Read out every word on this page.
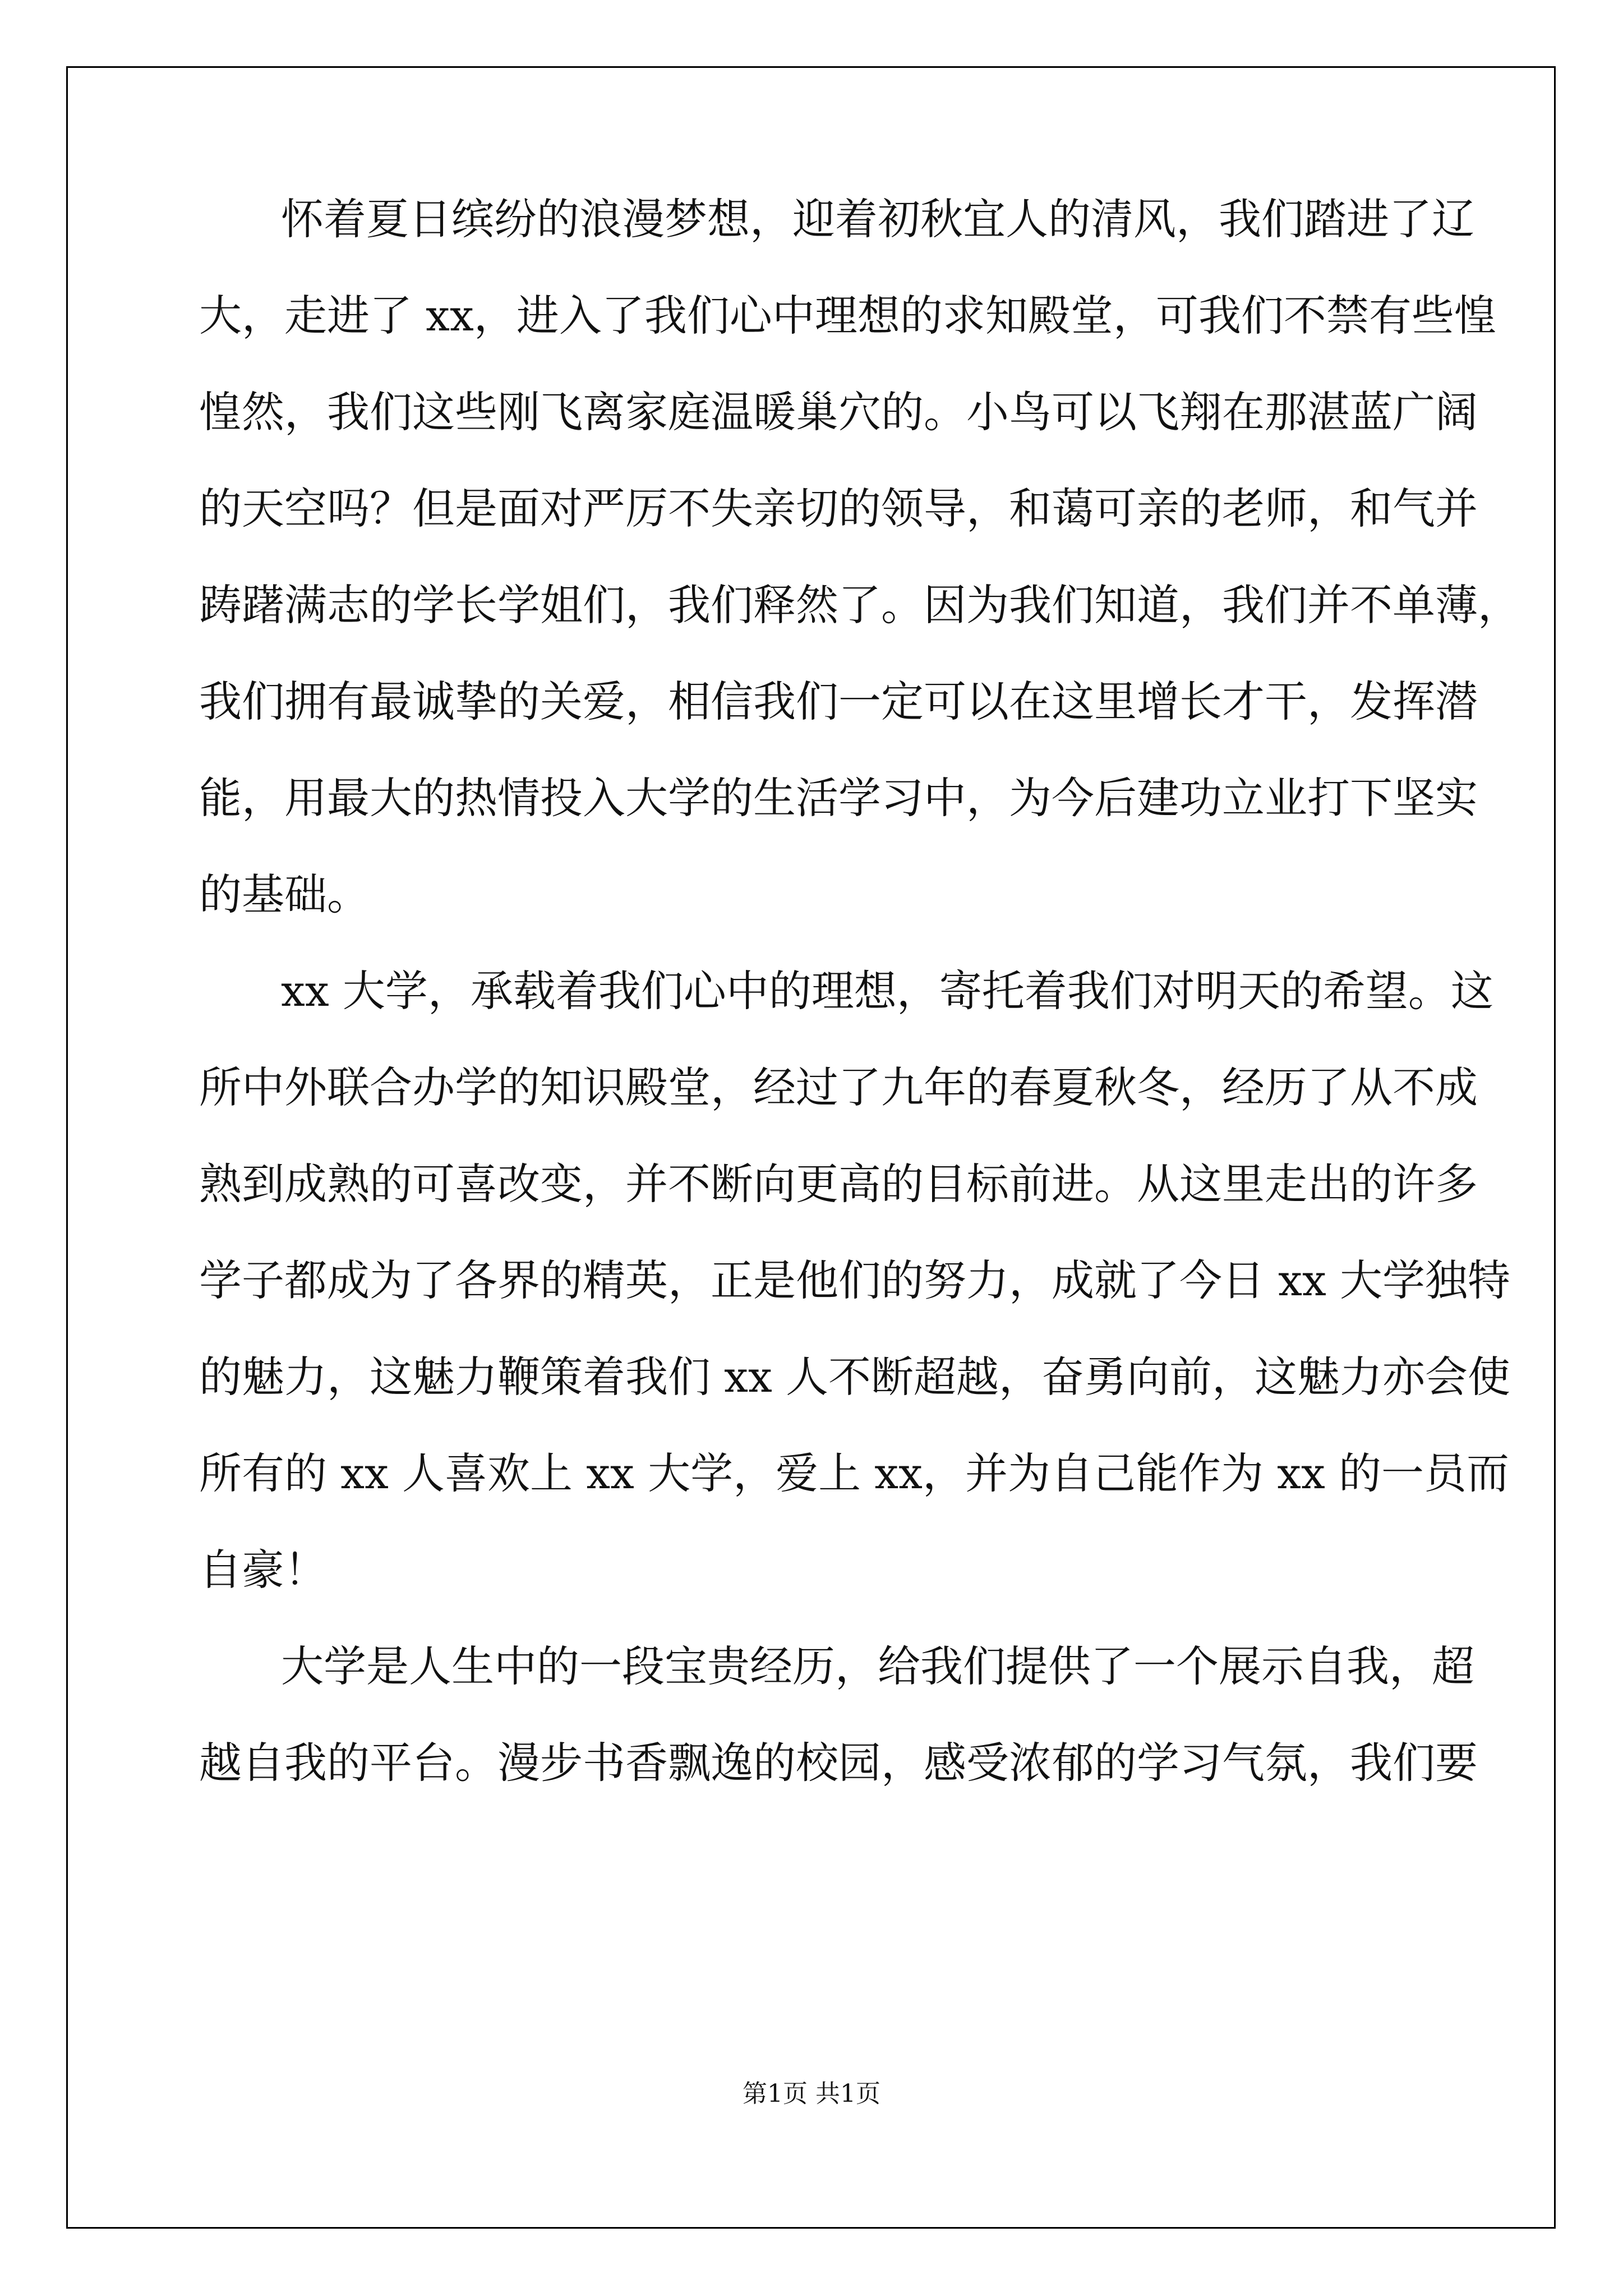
怀着夏日缤纷的浪漫梦想，迎着初秋宜人的清风，我们踏进了辽
大，走进了 xx，进入了我们心中理想的求知殿堂，可我们不禁有些惶
惶然，我们这些刚飞离家庭温暖巢穴的。小鸟可以飞翔在那湛蓝广阔
的天空吗？但是面对严厉不失亲切的领导，和蔼可亲的老师，和气并
踌躇满志的学长学姐们，我们释然了。因为我们知道，我们并不单薄，
我们拥有最诚挚的关爱，相信我们一定可以在这里增长才干，发挥潜
能，用最大的热情投入大学的生活学习中，为今后建功立业打下坚实
的基础。
xx 大学，承载着我们心中的理想，寄托着我们对明天的希望。这
所中外联合办学的知识殿堂，经过了九年的春夏秋冬，经历了从不成
熟到成熟的可喜改变，并不断向更高的目标前进。从这里走出的许多
学子都成为了各界的精英，正是他们的努力，成就了今日 xx 大学独特
的魅力，这魅力鞭策着我们 xx 人不断超越，奋勇向前，这魅力亦会使
所有的 xx 人喜欢上 xx 大学，爱上 xx，并为自己能作为 xx 的一员而
自豪！
大学是人生中的一段宝贵经历，给我们提供了一个展示自我，超
越自我的平台。漫步书香飘逸的校园，感受浓郁的学习气氛，我们要
第1页 共1页
